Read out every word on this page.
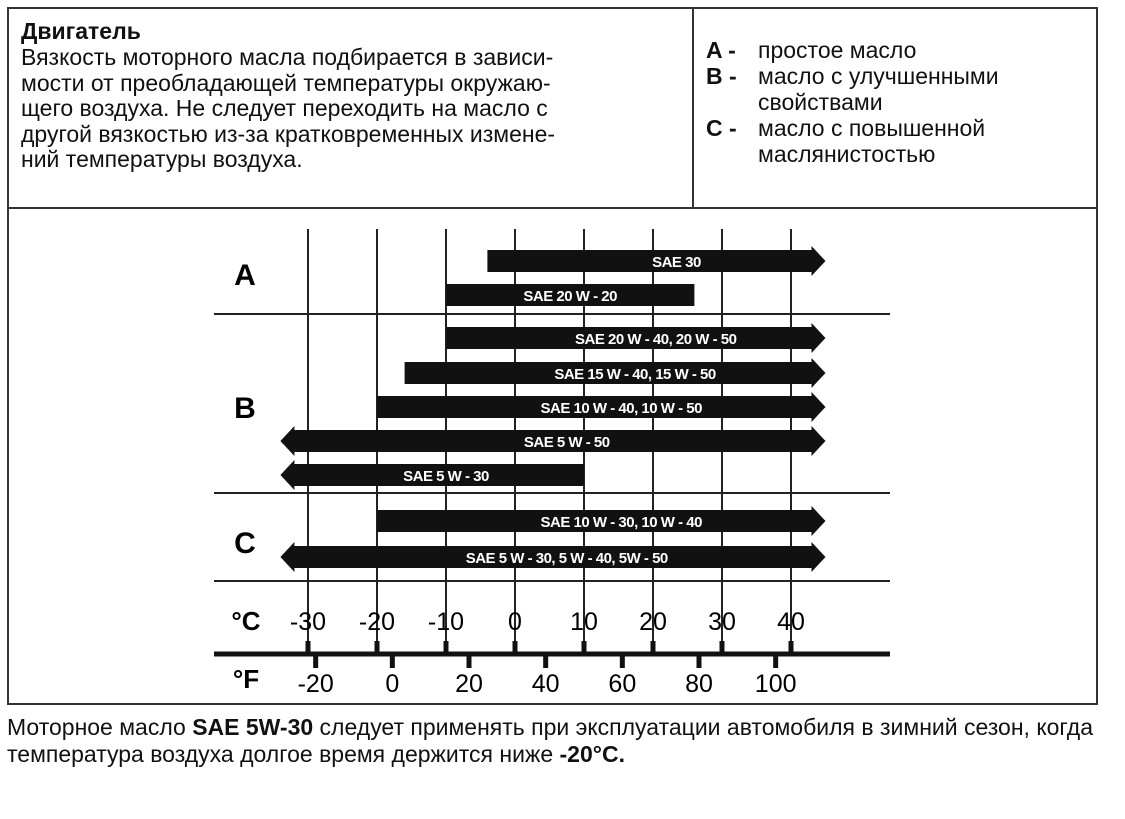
Двигатель
Вязкость моторного масла подбирается в зависи-
мости от преобладающей температуры окружаю-
щего воздуха. Не следует переходить на масло с
другой вязкостью из-за кратковременных измене-
ний температуры воздуха.
A - простое масло
B - масло с улучшенными
свойствами
C - масло с повышенной
маслянистостью
A
B
C
SAE 30
SAE 20 W - 20
SAE 20 W - 40, 20 W - 50
SAE 15 W - 40, 15 W - 50
SAE 10 W - 40, 10 W - 50
SAE 5 W - 50
SAE 5 W - 30
SAE 10 W - 30, 10 W - 40
SAE 5 W - 30, 5 W - 40, 5W - 50
°C -30 -20 -10 0 10 20 30 40
°F -20 0 20 40 60 80 100
Моторное масло SAE 5W-30 следует применять при эксплуатации автомобиля в зимний сезон, когда температура воздуха долгое время держится ниже -20°C.
